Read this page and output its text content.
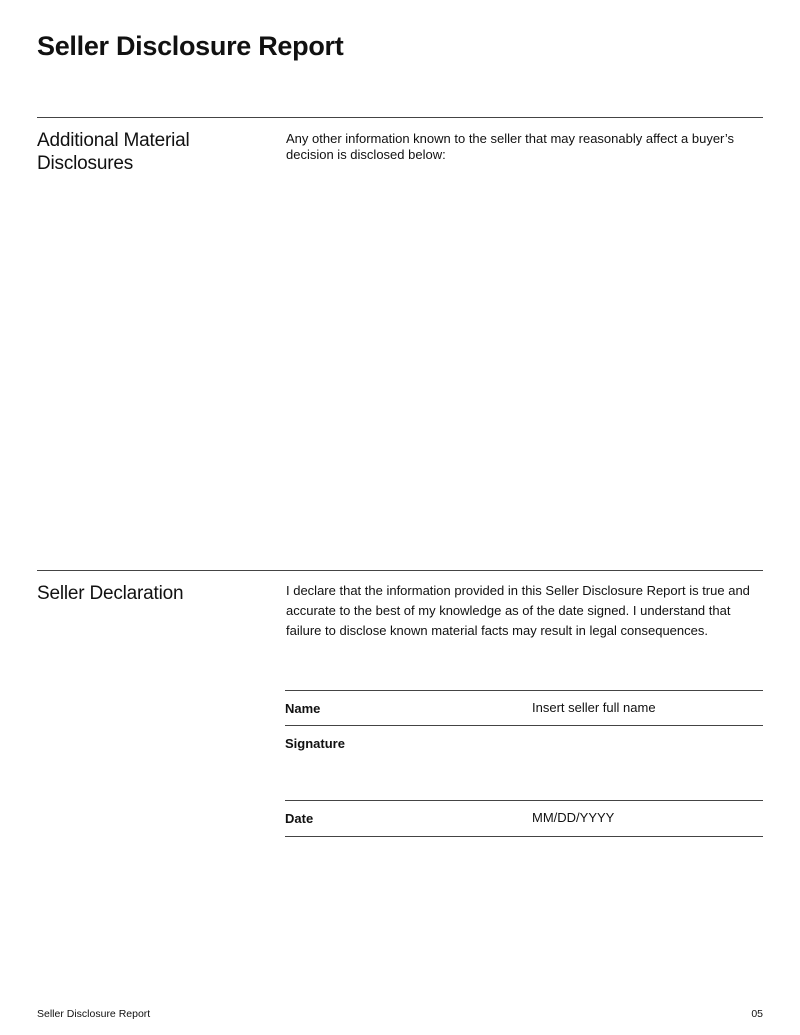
Seller Disclosure Report
Additional Material Disclosures

Any other information known to the seller that may reasonably affect a buyer’s decision is disclosed below:

Seller Declaration	I declare that the information provided in this Seller Disclosure Report is true and accurate to the best of my knowledge as of the date signed. I understand that failure to disclose known material facts may result in legal consequences.

Name	Insert seller full name
Signature
Date	MM/DD/YYYY
Seller Disclosure Report	05
